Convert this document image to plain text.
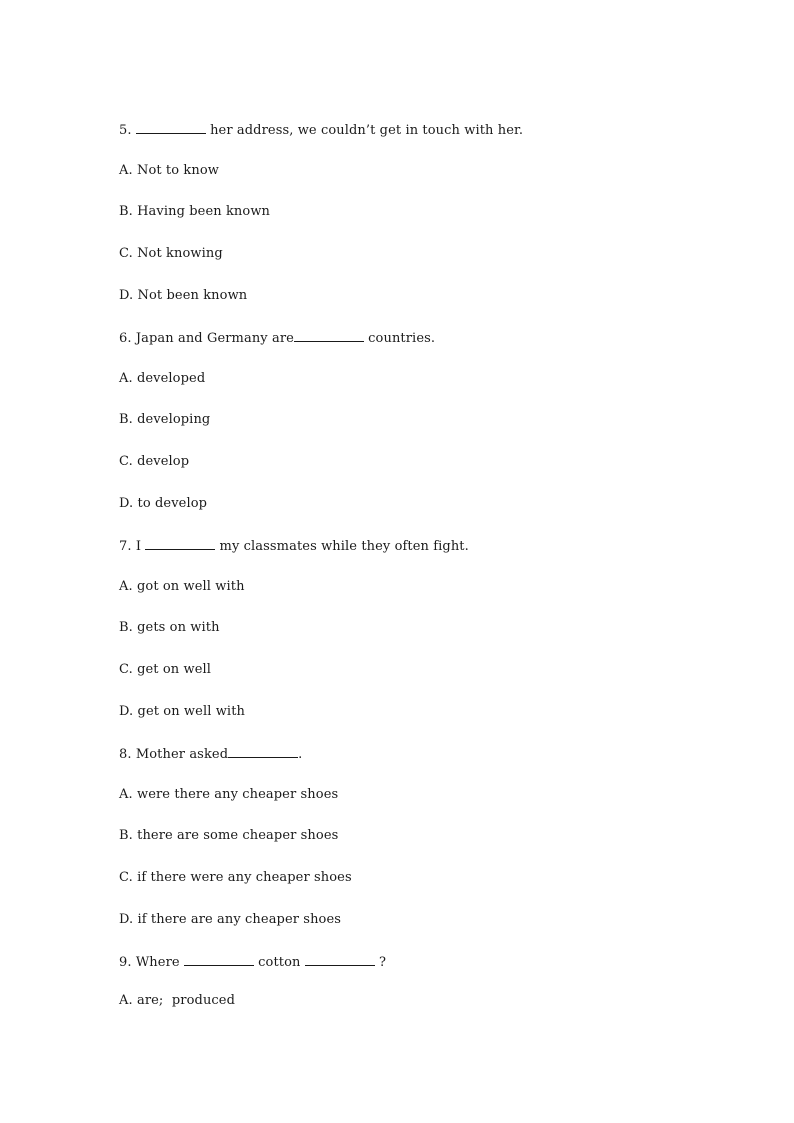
5.	her address, we couldn’t get in touch with her.
A. Not to know
B. Having been known
C. Not knowing
D. Not been known
6. Japan and Germany are	countries.
A. developed
B. developing
C. develop
D. to develop
7. I	my classmates while they often fight.
A. got on well with
B. gets on with
C. get on well
D. get on well with
8. Mother asked	.
A. were there any cheaper shoes
B. there are some cheaper shoes
C. if there were any cheaper shoes
D. if there are any cheaper shoes
9. Where	cotton	?
A. are;  produced
